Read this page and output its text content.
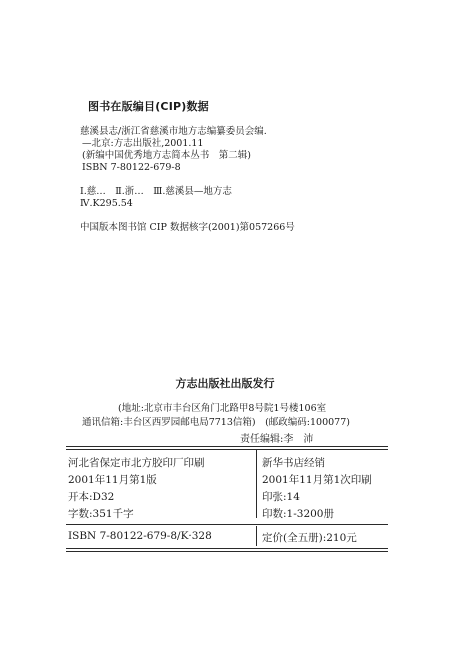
图书在版编目(CIP)数据
慈溪县志/浙江省慈溪市地方志编纂委员会编.
—北京:方志出版社,2001.11
(新编中国优秀地方志简本丛书　第二辑)
ISBN 7-80122-679-8
Ⅰ.慈…　Ⅱ.浙…　Ⅲ.慈溪县—地方志
Ⅳ.K295.54
中国版本图书馆 CIP 数据核字(2001)第057266号
方志出版社出版发行
(地址:北京市丰台区角门北路甲8号院1号楼106室
通讯信箱:丰台区西罗园邮电局7713信箱)　(邮政编码:100077)
责任编辑:李　沛
河北省保定市北方胶印厂印刷	新华书店经销
2001年11月第1版	2001年11月第1次印刷
开本:D32	印张:14
字数:351千字	印数:1-3200册
ISBN 7-80122-679-8/K·328	定价(全五册):210元
